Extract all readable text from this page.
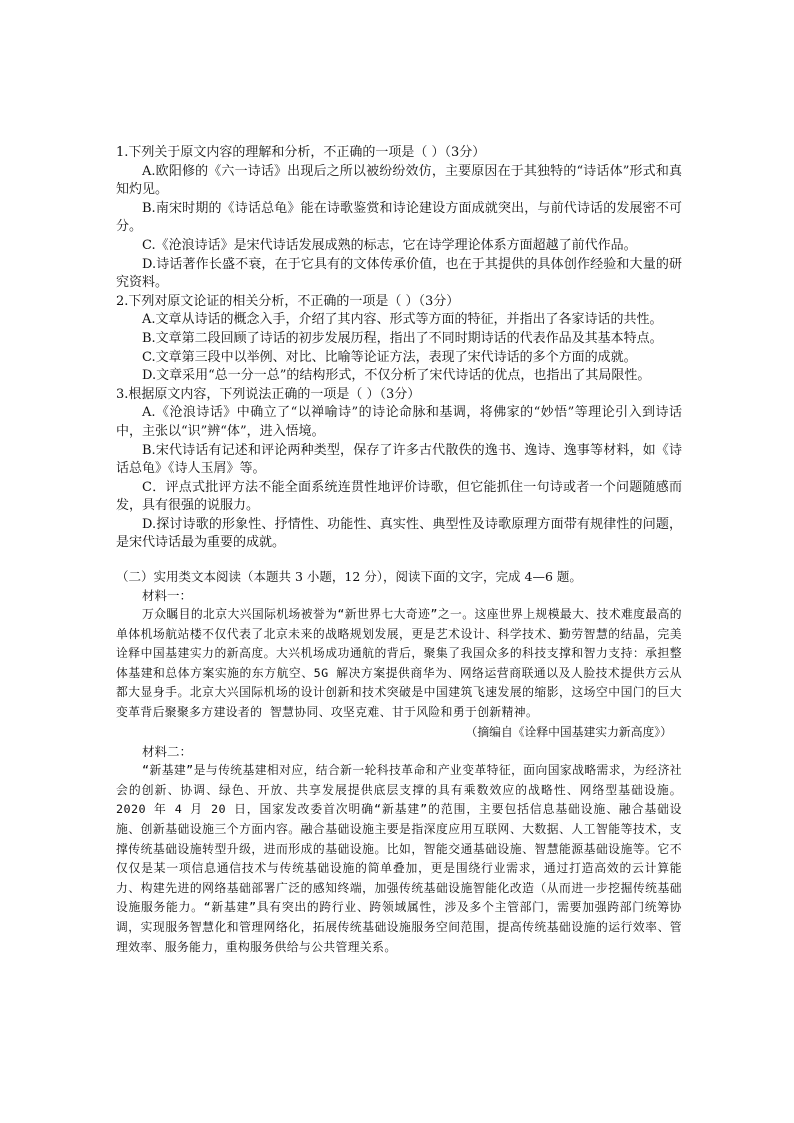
1.下列关于原文内容的理解和分析，不正确的一项是（ ）（3分）

A.欧阳修的《六一诗话》出现后之所以被纷纷效仿，主要原因在于其独特的“诗话体”形式和真知灼见。

B.南宋时期的《诗话总龟》能在诗歌鉴赏和诗论建设方面成就突出，与前代诗话的发展密不可分。

C.《沧浪诗话》是宋代诗话发展成熟的标志，它在诗学理论体系方面超越了前代作品。

D.诗话著作长盛不衰，在于它具有的文体传承价值，也在于其提供的具体创作经验和大量的研究资料。

2.下列对原文论证的相关分析，不正确的一项是（ ）（3分）

A.文章从诗话的概念入手，介绍了其内容、形式等方面的特征，并指出了各家诗话的共性。

B.文章第二段回顾了诗话的初步发展历程，指出了不同时期诗话的代表作品及其基本特点。

C.文章第三段中以举例、对比、比喻等论证方法，表现了宋代诗话的多个方面的成就。

D.文章采用“总一分一总”的结构形式，不仅分析了宋代诗话的优点，也指出了其局限性。

3.根据原文内容，下列说法正确的一项是（ ）（3分）

A.《沧浪诗话》中确立了“以禅喻诗”的诗论命脉和基调，将佛家的“妙悟”等理论引入到诗话中，主张以“识”辨“体”，进入悟境。

B.宋代诗话有记述和评论两种类型，保存了许多古代散佚的逸书、逸诗、逸事等材料，如《诗话总龟》《诗人玉屑》等。

C．评点式批评方法不能全面系统连贯性地评价诗歌，但它能抓住一句诗或者一个问题随感而发，具有很强的说服力。

D.探讨诗歌的形象性、抒情性、功能性、真实性、典型性及诗歌原理方面带有规律性的问题，是宋代诗话最为重要的成就。

（二）实用类文本阅读（本题共 3 小题，12 分），阅读下面的文字，完成 4—6 题。

材料一：

万众瞩目的北京大兴国际机场被誉为“新世界七大奇迹”之一。这座世界上规模最大、技术难度最高的单体机场航站楼不仅代表了北京未来的战略规划发展，更是艺术设计、科学技术、勤劳智慧的结晶，完美诠释中国基建实力的新高度。大兴机场成功通航的背后，聚集了我国众多的科技支撑和智力支持：承担整体基建和总体方案实施的东方航空、5G 解决方案提供商华为、网络运营商联通以及人脸技术提供方云从都大显身手。北京大兴国际机场的设计创新和技术突破是中国建筑飞速发展的缩影，这场空中国门的巨大变革背后聚聚多方建设者的 智慧协同、攻坚克难、甘于风险和勇于创新精神。

（摘编自《诠释中国基建实力新高度》）

材料二：

“新基建”是与传统基建相对应，结合新一轮科技革命和产业变革特征，面向国家战略需求，为经济社会的创新、协调、绿色、开放、共享发展提供底层支撑的具有乘数效应的战略性、网络型基础设施。2020 年 4 月 20 日，国家发改委首次明确“新基建”的范围，主要包括信息基础设施、融合基础设施、创新基础设施三个方面内容。融合基础设施主要是指深度应用互联网、大数据、人工智能等技术，支撑传统基础设施转型升级，进而形成的基础设施。比如，智能交通基础设施、智慧能源基础设施等。它不仅仅是某一项信息通信技术与传统基础设施的简单叠加，更是围绕行业需求，通过打造高效的云计算能力、构建先进的网络基础部署广泛的感知终端，加强传统基础设施智能化改造（从而进一步挖掘传统基础设施服务能力。“新基建”具有突出的跨行业、跨领域属性，涉及多个主管部门，需要加强跨部门统筹协调，实现服务智慧化和管理网络化，拓展传统基础设施服务空间范围，提高传统基础设施的运行效率、管理效率、服务能力，重构服务供给与公共管理关系。
